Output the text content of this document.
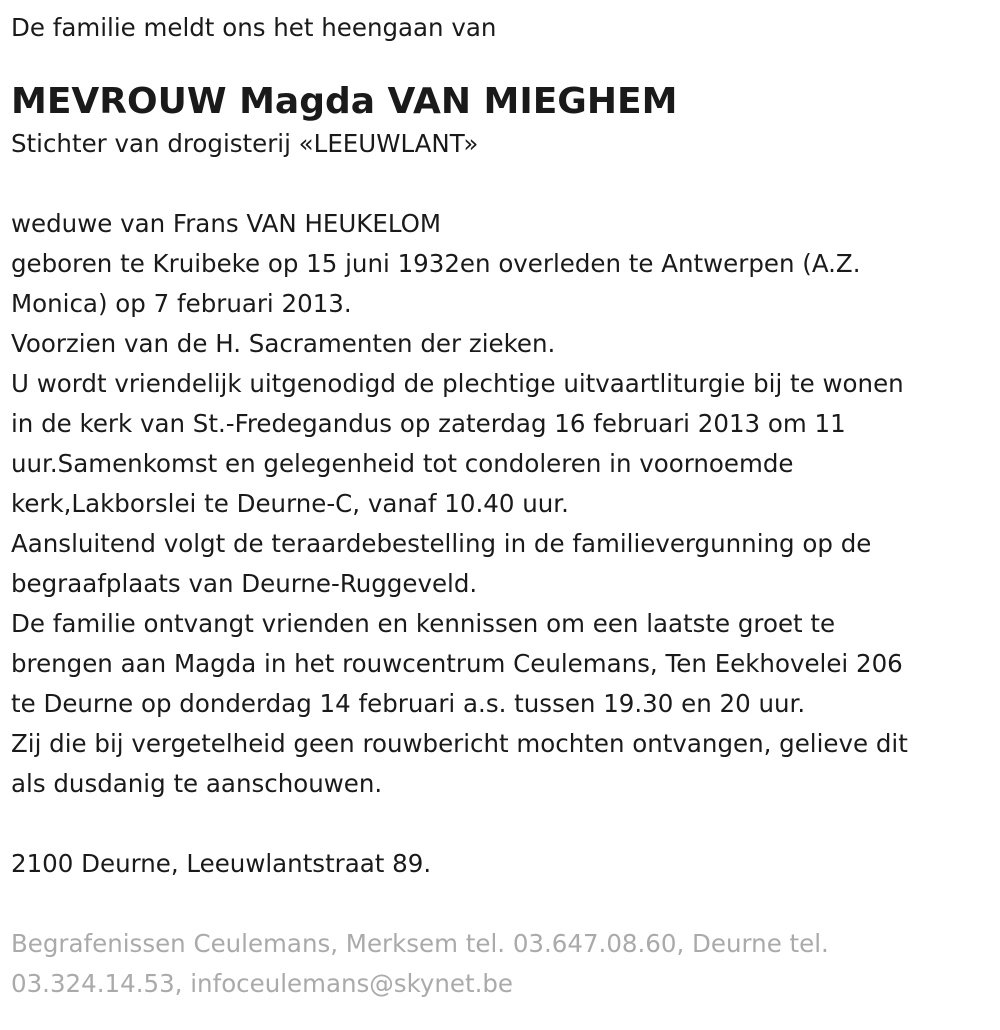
De familie meldt ons het heengaan van

MEVROUW Magda VAN MIEGHEM

Stichter van drogisterij «LEEUWLANT»

weduwe van Frans VAN HEUKELOM

geboren te Kruibeke op 15 juni 1932en overleden te Antwerpen (A.Z.

Monica) op 7 februari 2013.

Voorzien van de H. Sacramenten der zieken.

U wordt vriendelijk uitgenodigd de plechtige uitvaartliturgie bij te wonen

in de kerk van St.-Fredegandus op zaterdag 16 februari 2013 om 11

uur.Samenkomst en gelegenheid tot condoleren in voornoemde

kerk,Lakborslei te Deurne-C, vanaf 10.40 uur.

Aansluitend volgt de teraardebestelling in de familievergunning op de

begraafplaats van Deurne-Ruggeveld.

De familie ontvangt vrienden en kennissen om een laatste groet te

brengen aan Magda in het rouwcentrum Ceulemans, Ten Eekhovelei 206

te Deurne op donderdag 14 februari a.s. tussen 19.30 en 20 uur.

Zij die bij vergetelheid geen rouwbericht mochten ontvangen, gelieve dit

als dusdanig te aanschouwen.

2100 Deurne, Leeuwlantstraat 89.

Begrafenissen Ceulemans, Merksem tel. 03.647.08.60, Deurne tel.

03.324.14.53, infoceulemans@skynet.be
